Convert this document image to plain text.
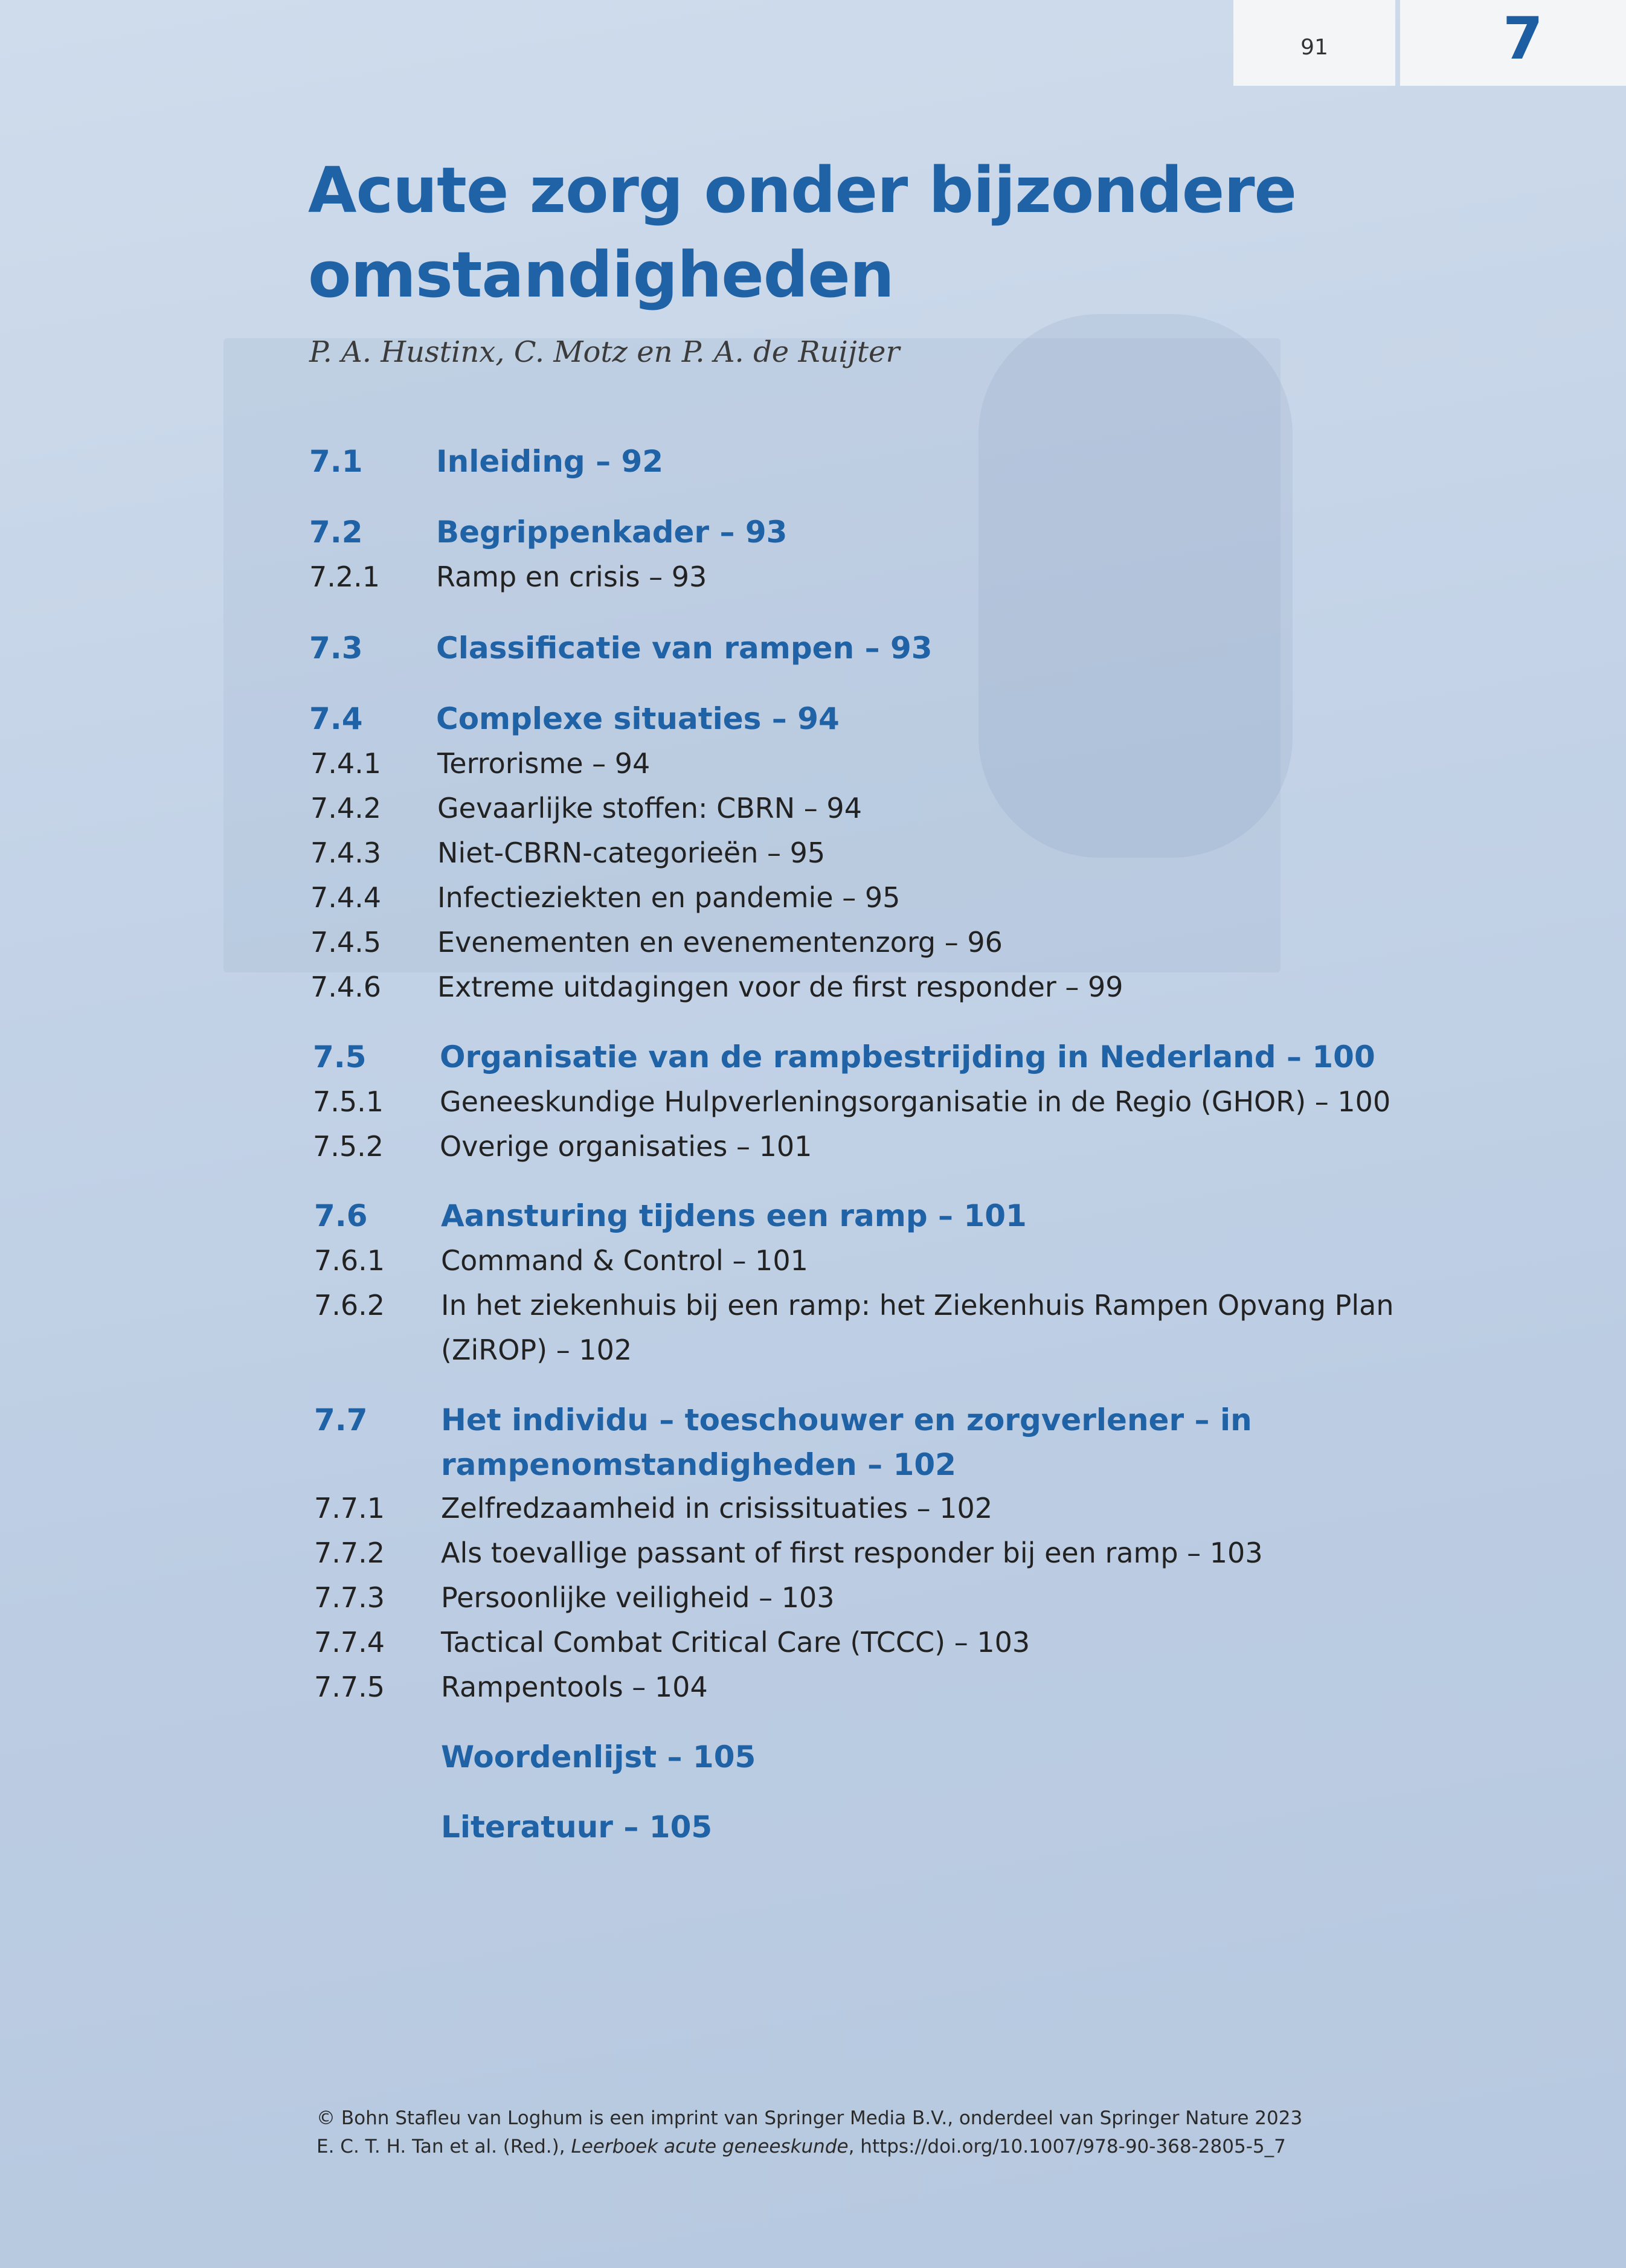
91	7
Acute zorg onder bijzondere
omstandigheden
P. A. Hustinx, C. Motz en P. A. de Ruijter
7.1 Inleiding – 92
7.2 Begrippenkader – 93
7.2.1 Ramp en crisis – 93
7.3 Classificatie van rampen – 93
7.4 Complexe situaties – 94
7.4.1 Terrorisme – 94
7.4.2 Gevaarlijke stoffen: CBRN – 94
7.4.3 Niet-CBRN-categorieën – 95
7.4.4 Infectieziekten en pandemie – 95
7.4.5 Evenementen en evenementenzorg – 96
7.4.6 Extreme uitdagingen voor de first responder – 99
7.5 Organisatie van de rampbestrijding in Nederland – 100
7.5.1 Geneeskundige Hulpverleningsorganisatie in de Regio (GHOR) – 100
7.5.2 Overige organisaties – 101
7.6 Aansturing tijdens een ramp – 101
7.6.1 Command & Control – 101
7.6.2 In het ziekenhuis bij een ramp: het Ziekenhuis Rampen Opvang Plan
(ZiROP) – 102
7.7 Het individu – toeschouwer en zorgverlener – in
rampenomstandigheden – 102
7.7.1 Zelfredzaamheid in crisissituaties – 102
7.7.2 Als toevallige passant of first responder bij een ramp – 103
7.7.3 Persoonlijke veiligheid – 103
7.7.4 Tactical Combat Critical Care (TCCC) – 103
7.7.5 Rampentools – 104
Woordenlijst – 105
Literatuur – 105
© Bohn Stafleu van Loghum is een imprint van Springer Media B.V., onderdeel van Springer Nature 2023
E. C. T. H. Tan et al. (Red.), Leerboek acute geneeskunde, https://doi.org/10.1007/978-90-368-2805-5_7
